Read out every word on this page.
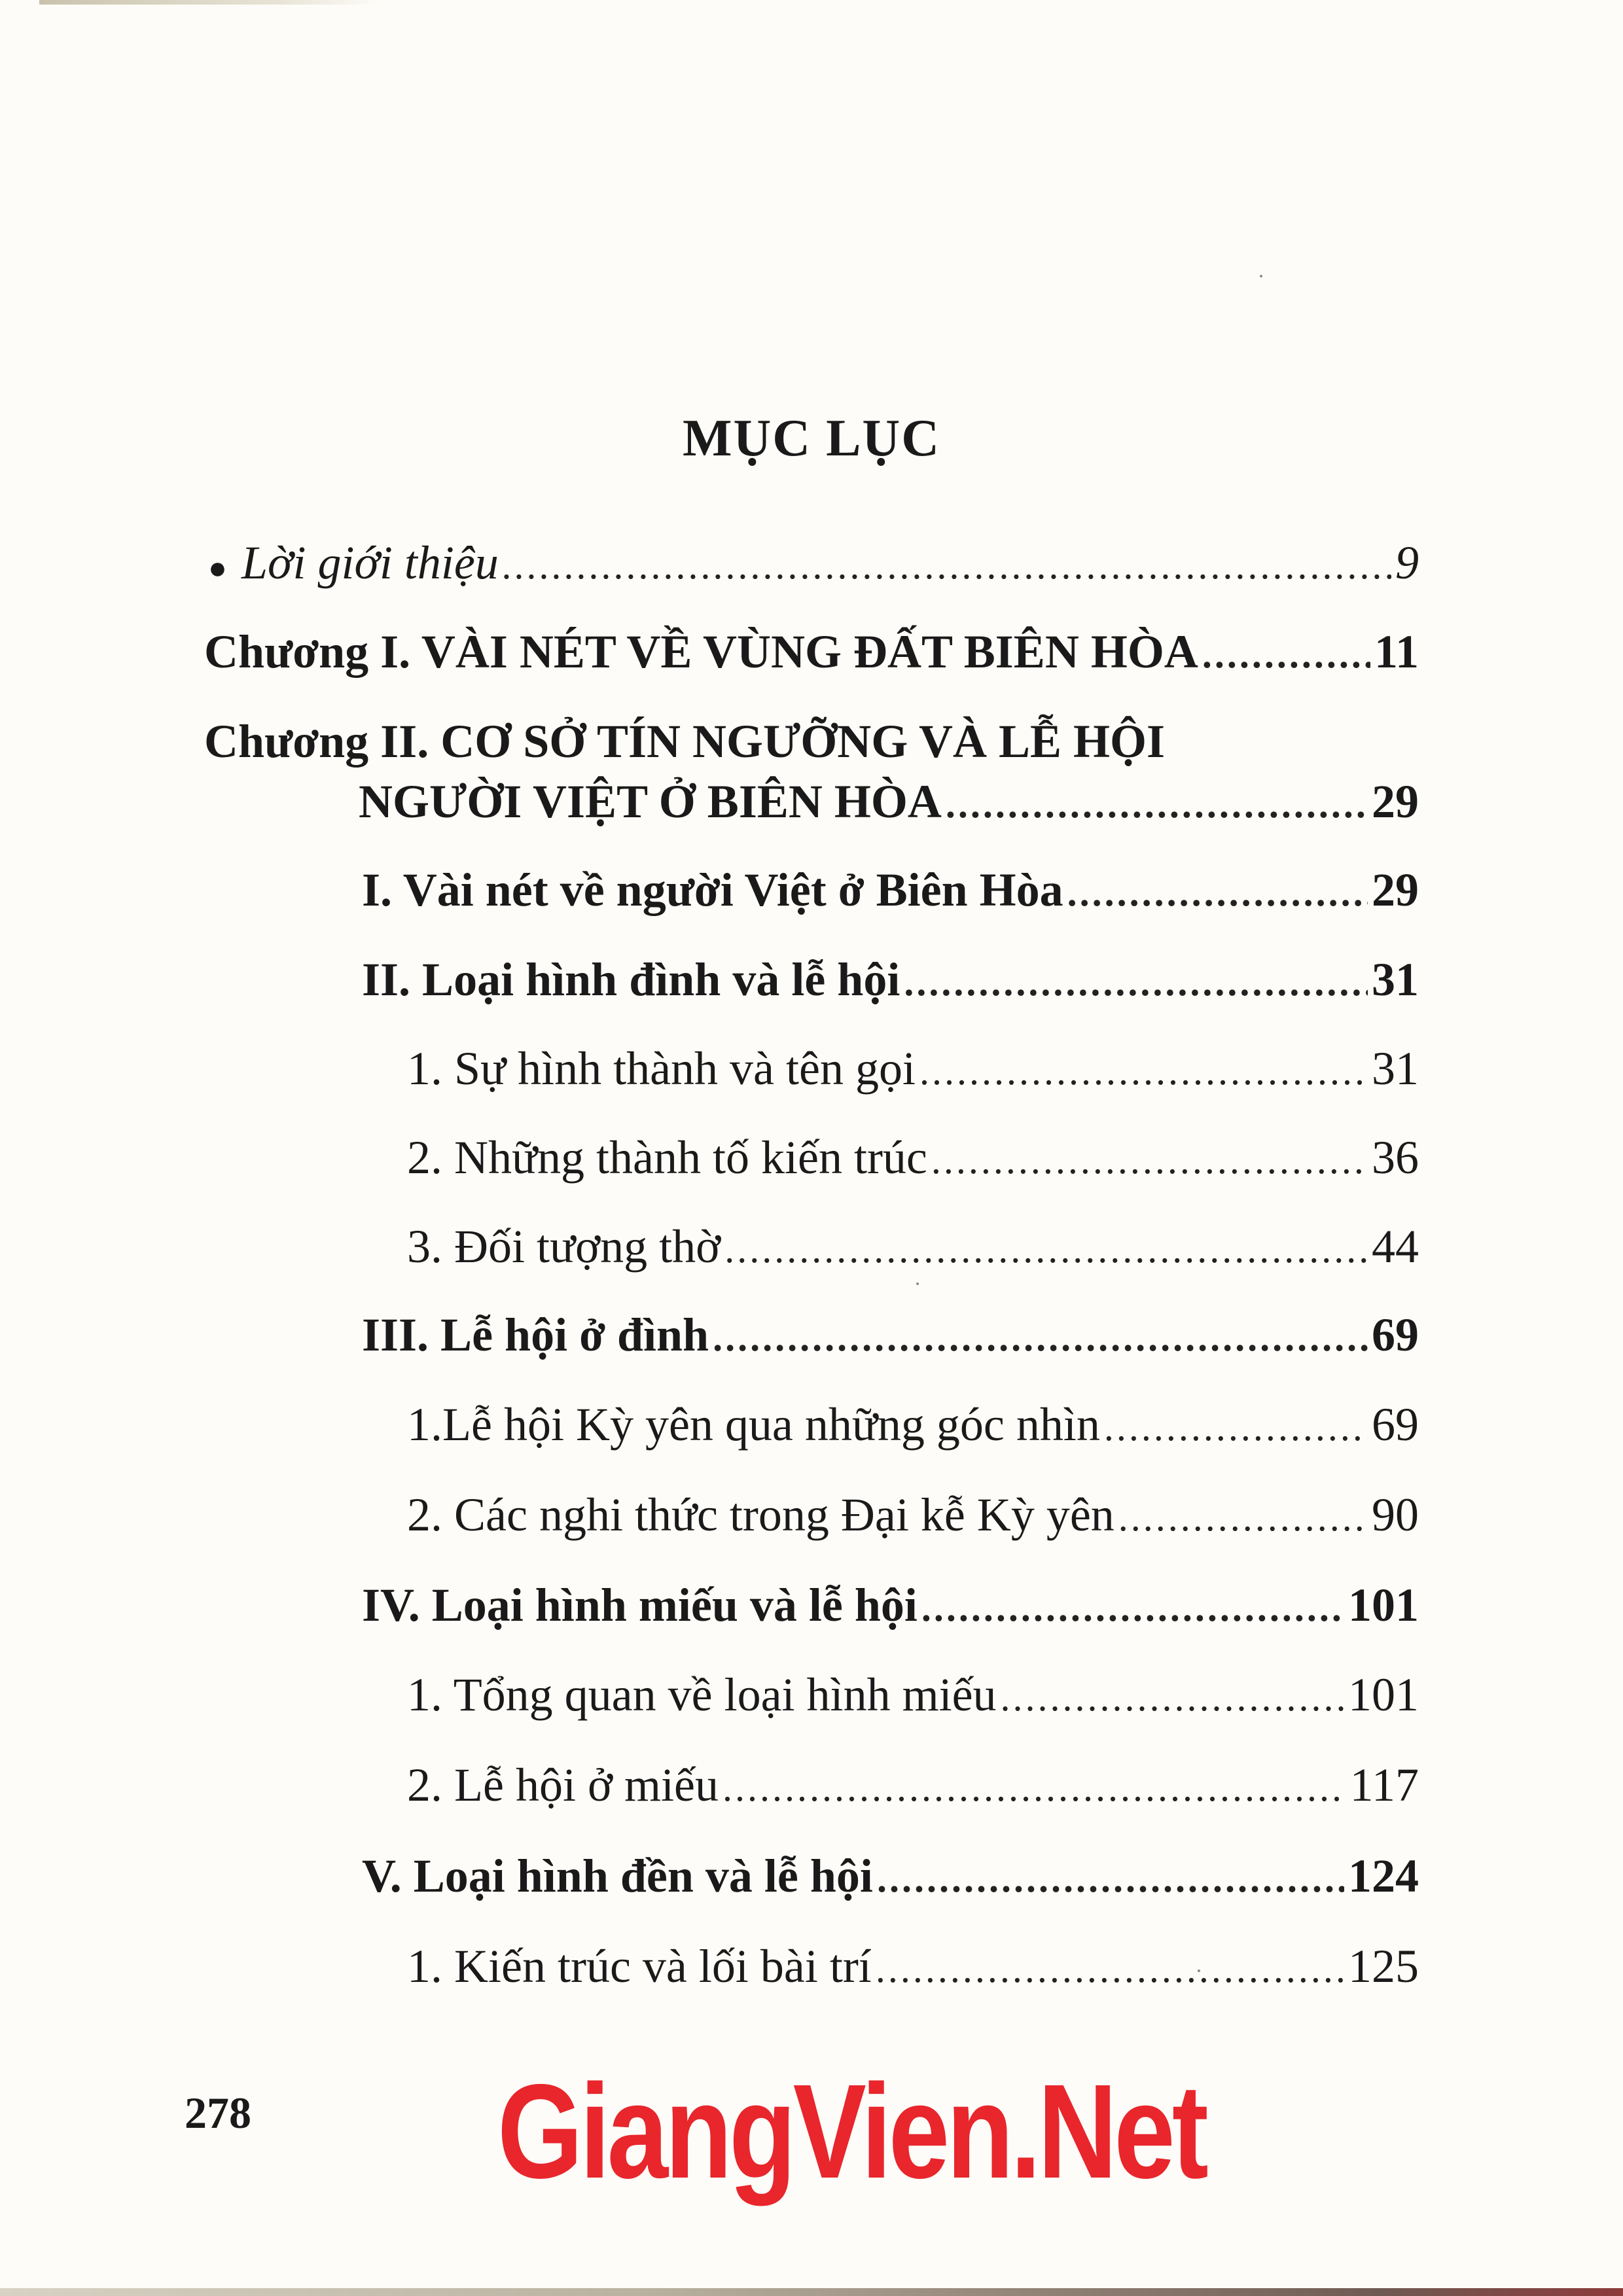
MỤC LỤC
● Lời giới thiệu .....	9
Chương I. VÀI NÉT VỀ VÙNG ĐẤT BIÊN HÒA .....	11
Chương II. CƠ SỞ TÍN NGƯỠNG VÀ LỄ HỘI
NGƯỜI VIỆT Ở BIÊN HÒA .....	29
I. Vài nét về người Việt ở Biên Hòa .....	29
II. Loại hình đình và lễ hội .....	31
1. Sự hình thành và tên gọi .....	31
2. Những thành tố kiến trúc .....	36
3. Đối tượng thờ .....	44
III. Lễ hội ở đình .....	69
1.Lễ hội Kỳ yên qua những góc nhìn .....	69
2. Các nghi thức trong Đại kễ Kỳ yên .....	90
IV. Loại hình miếu và lễ hội .....	101
1. Tổng quan về loại hình miếu .....	101
2. Lễ hội ở miếu .....	117
V. Loại hình đền và lễ hội .....	124
1. Kiến trúc và lối bài trí .....	125
278 GiangVien.Net
